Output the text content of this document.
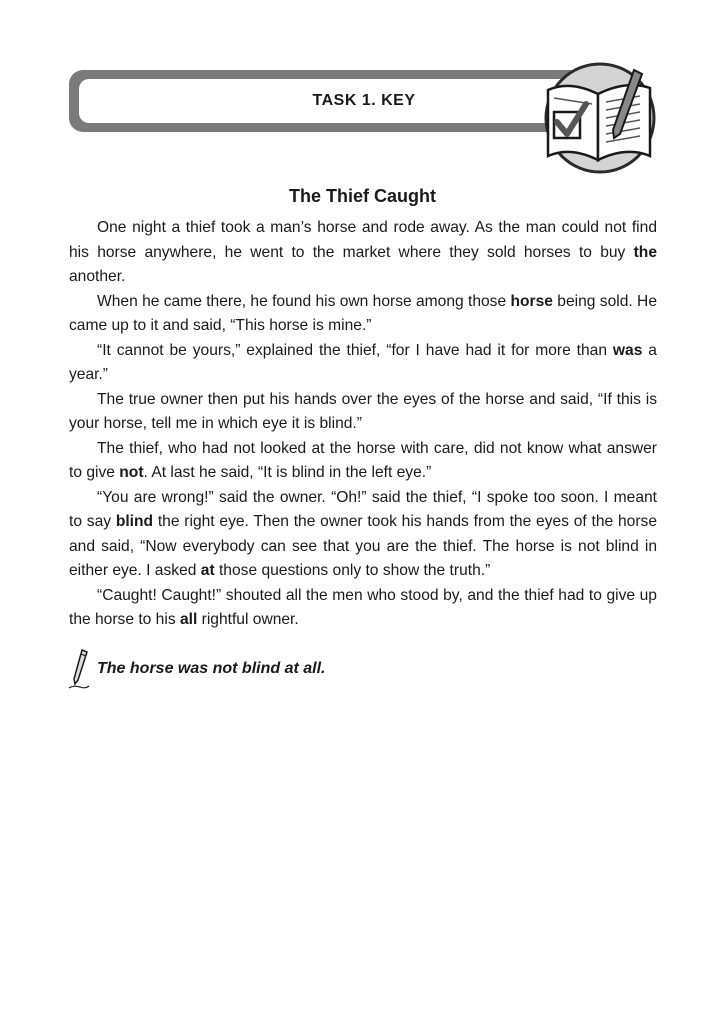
TASK 1. KEY
The Thief Caught

One night a thief took a man’s horse and rode away. As the man could not find his horse anywhere, he went to the market where they sold horses to buy the another.

When he came there, he found his own horse among those horse being sold. He came up to it and said, “This horse is mine.”

“It cannot be yours,” explained the thief, “for I have had it for more than was a year.”

The true owner then put his hands over the eyes of the horse and said, “If this is your horse, tell me in which eye it is blind.”

The thief, who had not looked at the horse with care, did not know what answer to give not. At last he said, “It is blind in the left eye.”

“You are wrong!” said the owner. “Oh!” said the thief, “I spoke too soon. I meant to say blind the right eye. Then the owner took his hands from the eyes of the horse and said, “Now everybody can see that you are the thief. The horse is not blind in either eye. I asked at those questions only to show the truth.”

“Caught! Caught!” shouted all the men who stood by, and the thief had to give up the horse to his all rightful owner.

The horse was not blind at all.
